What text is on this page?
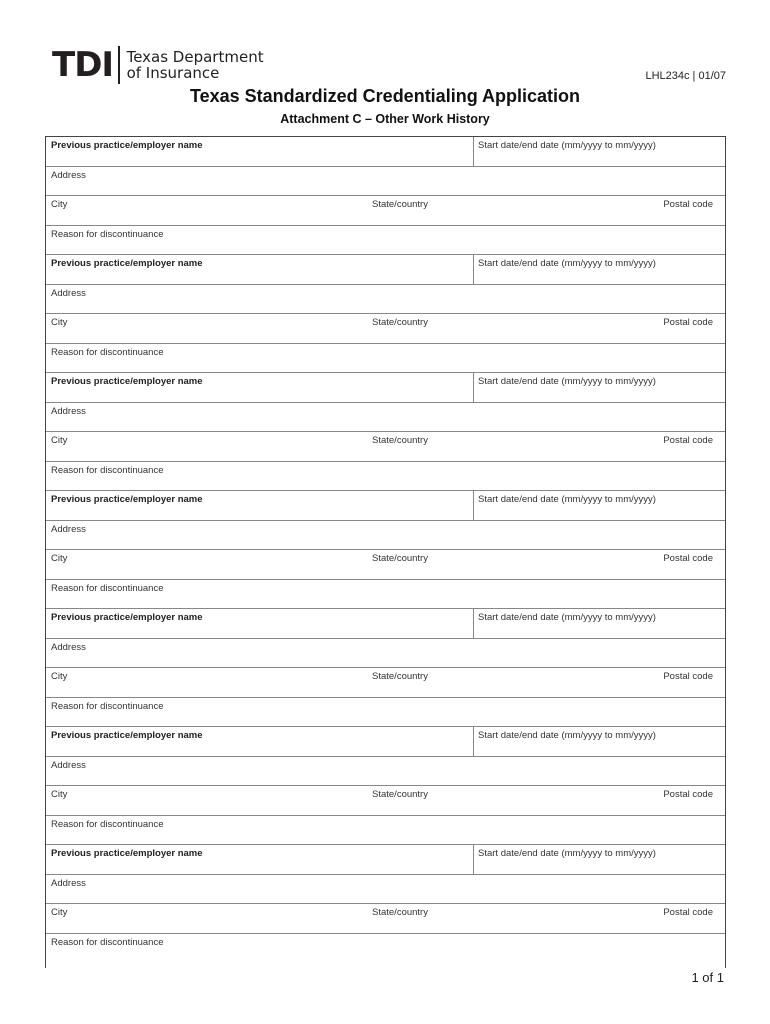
TDI Texas Department
of Insurance	LHL234c | 01/07
Texas Standardized Credentialing Application
Attachment C – Other Work History
Previous practice/employer name	Start date/end date (mm/yyyy to mm/yyyy)
Address
City	State/country	Postal code
Reason for discontinuance
Previous practice/employer name	Start date/end date (mm/yyyy to mm/yyyy)
Address
City	State/country	Postal code
Reason for discontinuance
Previous practice/employer name	Start date/end date (mm/yyyy to mm/yyyy)
Address
City	State/country	Postal code
Reason for discontinuance
Previous practice/employer name	Start date/end date (mm/yyyy to mm/yyyy)
Address
City	State/country	Postal code
Reason for discontinuance
Previous practice/employer name	Start date/end date (mm/yyyy to mm/yyyy)
Address
City	State/country	Postal code
Reason for discontinuance
Previous practice/employer name	Start date/end date (mm/yyyy to mm/yyyy)
Address
City	State/country	Postal code
Reason for discontinuance
Previous practice/employer name	Start date/end date (mm/yyyy to mm/yyyy)
Address
City	State/country	Postal code
Reason for discontinuance
1 of 1
